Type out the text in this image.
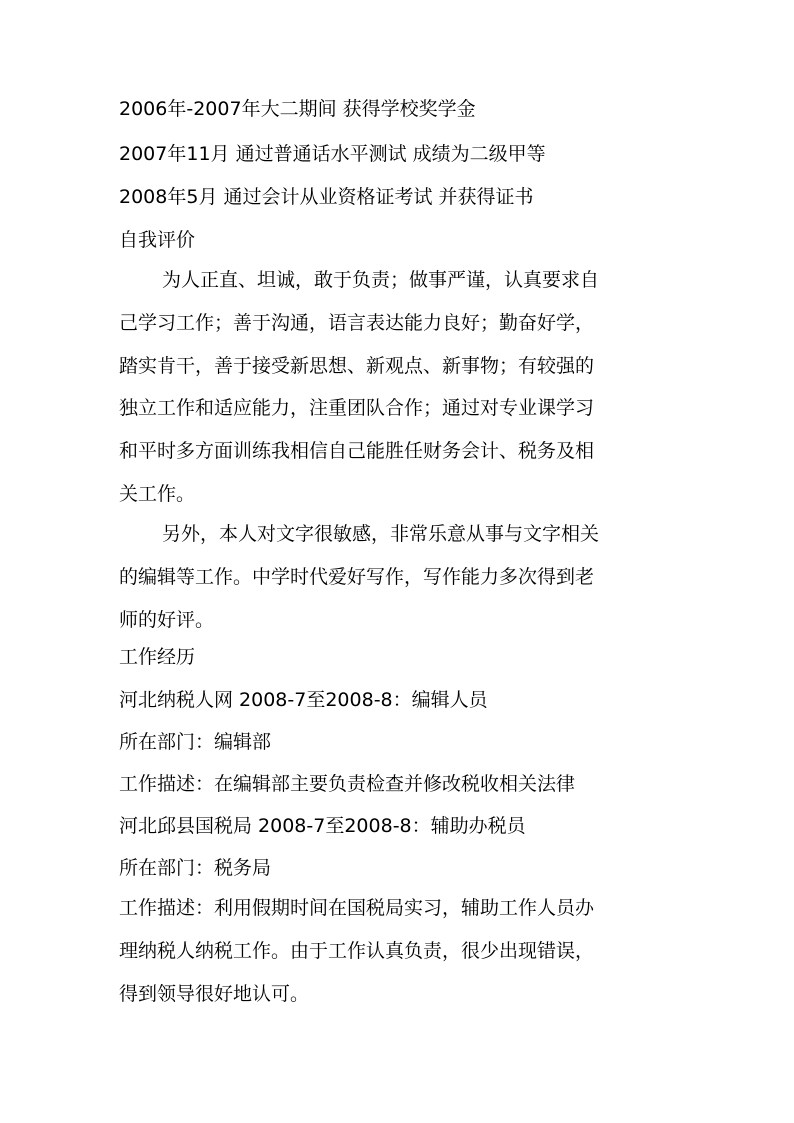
2006年-2007年大二期间 获得学校奖学金
2007年11月 通过普通话水平测试 成绩为二级甲等
2008年5月 通过会计从业资格证考试 并获得证书
自我评价
为人正直、坦诚，敢于负责；做事严谨，认真要求自
己学习工作；善于沟通，语言表达能力良好；勤奋好学，
踏实肯干，善于接受新思想、新观点、新事物；有较强的
独立工作和适应能力，注重团队合作；通过对专业课学习
和平时多方面训练我相信自己能胜任财务会计、税务及相
关工作。
另外，本人对文字很敏感，非常乐意从事与文字相关
的编辑等工作。中学时代爱好写作，写作能力多次得到老
师的好评。
工作经历
河北纳税人网 2008-7至2008-8：编辑人员
所在部门：编辑部
工作描述：在编辑部主要负责检查并修改税收相关法律
河北邱县国税局 2008-7至2008-8：辅助办税员
所在部门：税务局
工作描述：利用假期时间在国税局实习，辅助工作人员办
理纳税人纳税工作。由于工作认真负责，很少出现错误，
得到领导很好地认可。
